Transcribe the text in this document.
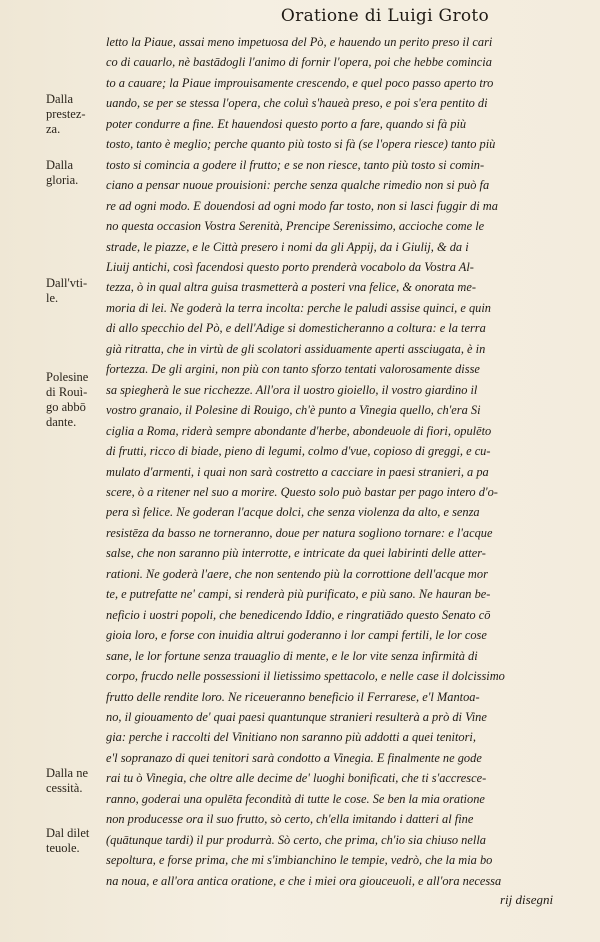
Oratione di Luigi Groto
Dalla
prestez-
za.
Dalla
gloria.
Dall'vti-
le.
Polesine
di Rouì-
go abbō
dante.
Dalla ne
cessità.
Dal dilet
teuole.
letto la Piaue, assai meno impetuosa del Pò, e hauendo un perito preso il cari
co di cauarlo, nè bastādogli l'animo di fornir l'opera, poi che hebbe comincia
to a cauare; la Piaue improuisamente crescendo, e quel poco passo aperto tro
uando, se per se stessa l'opera, che coluì s'haueà preso, e poi s'era pentito di
poter condurre a fine. Et hauendosi questo porto a fare, quando si fà più
tosto, tanto è meglio; perche quanto più tosto si fà (se l'opera riesce) tanto più
tosto si comincia a godere il frutto; e se non riesce, tanto più tosto si comin-
ciano a pensar nuoue prouisioni: perche senza qualche rimedio non si può fa
re ad ogni modo. E douendosi ad ogni modo far tosto, non si lasci fuggir di ma
no questa occasion Vostra Serenità, Prencipe Serenissimo, accioche come le
strade, le piazze, e le Città presero i nomi da gli Appij, da i Giulij, & da i
Liuij antichi, così facendosi questo porto prenderà vocabolo da Vostra Al-
tezza, ò in qual altra guisa trasmetterà a posteri vna felice, & onorata me-
moria di lei. Ne goderà la terra incolta: perche le paludi assise quinci, e quin
di allo specchio del Pò, e dell'Adige si domesticheranno a coltura: e la terra
già ritratta, che in virtù de gli scolatori assiduamente aperti assciugata, è in
fortezza. De gli argini, non più con tanto sforzo tentati valorosamente disse
sa spiegherà le sue ricchezze. All'ora il uostro gioiello, il vostro giardino il
vostro granaio, il Polesine di Rouigo, ch'è punto a Vinegia quello, ch'era Si
ciglia a Roma, riderà sempre abondante d'herbe, abondeuole di fiori, opulēto
di frutti, ricco di biade, pieno di legumi, colmo d'vue, copioso di greggi, e cu-
mulato d'armenti, i quai non sarà costretto a cacciare in paesi stranieri, a pa
scere, ò a ritener nel suo a morire. Questo solo può bastar per pago intero d'o-
pera sì felice. Ne goderan l'acque dolci, che senza violenza da alto, e senza
resistēza da basso ne torneranno, doue per natura sogliono tornare: e l'acque
salse, che non saranno più interrotte, e intricate da quei labirinti delle atter-
rationi. Ne goderà l'aere, che non sentendo più la corrottione dell'acque mor
te, e putrefatte ne' campi, si renderà più purificato, e più sano. Ne hauran be-
neficio i uostri popoli, che benedicendo Iddio, e ringratiādo questo Senato cō
gioia loro, e forse con inuidia altrui goderanno i lor campi fertili, le lor cose
sane, le lor fortune senza trauaglio di mente, e le lor vite senza infirmità di
corpo, frucdo nelle possessioni il lietissimo spettacolo, e nelle case il dolcissimo
frutto delle rendite loro. Ne riceueranno beneficio il Ferrarese, e'l Mantoa-
no, il giouamento de' quai paesi quantunque stranieri resulterà a prò di Vine
gia: perche i raccolti del Vinitiano non saranno più addotti a quei tenitori,
e'l sopranazo di quei tenitori sarà condotto a Vinegia. E finalmente ne gode
rai tu ò Vinegia, che oltre alle decime de' luoghi bonificati, che ti s'accresce-
ranno, goderai una opulēta fecondità di tutte le cose. Se ben la mia oratione
non producesse ora il suo frutto, sò certo, ch'ella imitando i datteri al fine
(quātunque tardi) il pur produrrà. Sò certo, che prima, ch'io sia chiuso nella
sepoltura, e forse prima, che mi s'imbianchino le tempie, vedrò, che la mia bo
na noua, e all'ora antica oratione, e che i miei ora giouceuoli, e all'ora necessa
rij disegni
